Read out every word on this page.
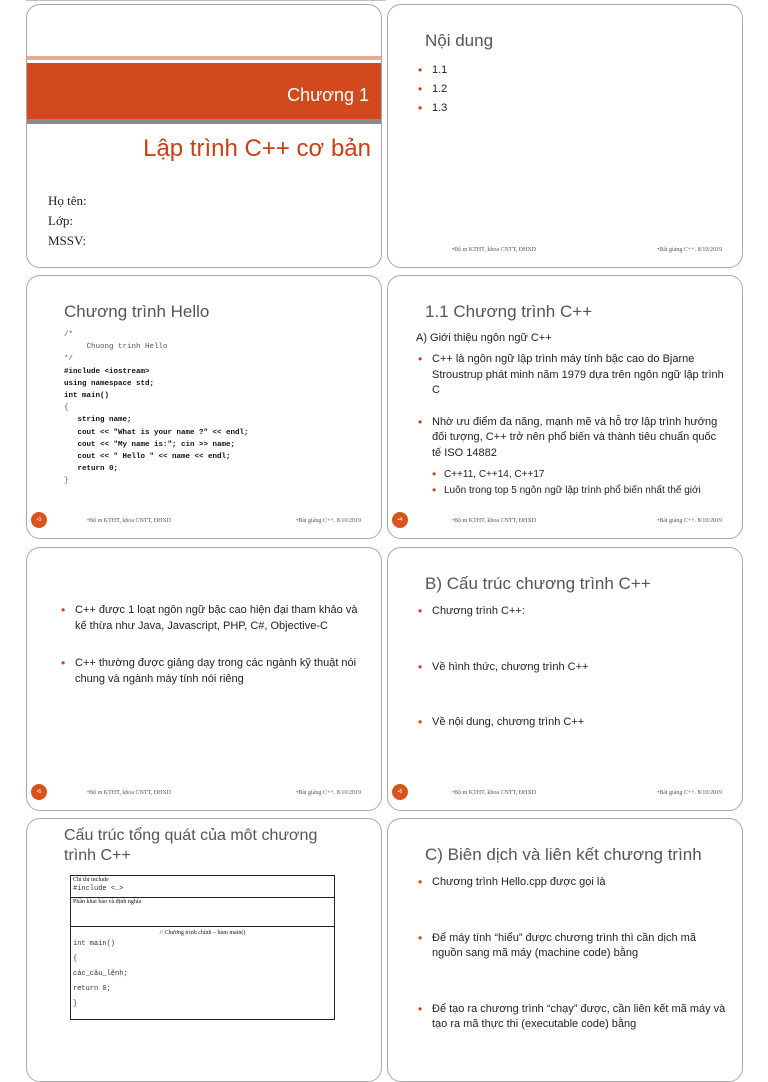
Chương 1
Lập trình C++ cơ bản
Họ tên:
Lớp:
MSSV:
Nội dung
• 1.1
• 1.2
• 1.3
•Bộ m KTHT, khoa CNTT, ĐHXD	•Bài giảng C++. 8/10/2019
Chương trình Hello
/*
Chuong trinh Hello
*/
#include <iostream>
using namespace std;
int main()
{
string name;
cout << "What is your name ?" << endl;
cout << "My name is:"; cin >> name;
cout << " Hello " << name << endl;
return 0;
}
•3	•Bộ m KTHT, khoa CNTT, ĐHXD	•Bài giảng C++. 8/10/2019
1.1 Chương trình C++

A) Giới thiệu ngôn ngữ C++

• C++ là ngôn ngữ lập trình máy tính bậc cao do Bjarne Stroustrup phát minh năm 1979 dựa trên ngôn ngữ lập trình C
• Nhờ ưu điểm đa năng, mạnh mẽ và hỗ trợ lập trình hướng đối tượng, C++ trở nên phổ biến và thành tiêu chuẩn quốc tế ISO 14882
• C++11, C++14, C++17
• Luôn trong top 5 ngôn ngữ lập trình phổ biến nhất thế giới
•4	•Bộ m KTHT, khoa CNTT, ĐHXD	•Bài giảng C++. 8/10/2019
• C++ được 1 loạt ngôn ngữ bậc cao hiện đại tham khảo và kế thừa như Java, Javascript, PHP, C#, Objective-C
• C++ thường được giảng dạy trong các ngành kỹ thuật nói chung và ngành máy tính nói riêng
•5	•Bộ m KTHT, khoa CNTT, ĐHXD	•Bài giảng C++. 8/10/2019
B) Cấu trúc chương trình C++
• Chương trình C++:
• Về hình thức, chương trình C++
• Về nội dung, chương trình C++
•6	•Bộ m KTHT, khoa CNTT, ĐHXD	•Bài giảng C++. 8/10/2019
Cấu trúc tổng quát của môt chương trình C++
Chỉ thị include
#include <…>
Phần khai báo và định nghĩa
// Chương trình chính – hàm main()
int main()
{
các_câu_lệnh;
return 0;
}
C) Biên dịch và liên kết chương trình
• Chương trình Hello.cpp được gọi là
• Để máy tính “hiểu” được chương trình thì cần dịch mã nguồn sang mã máy (machine code) bằng
• Để tạo ra chương trình “chạy” được, cần liên kết mã máy và tạo ra mã thực thi (executable code) bằng
